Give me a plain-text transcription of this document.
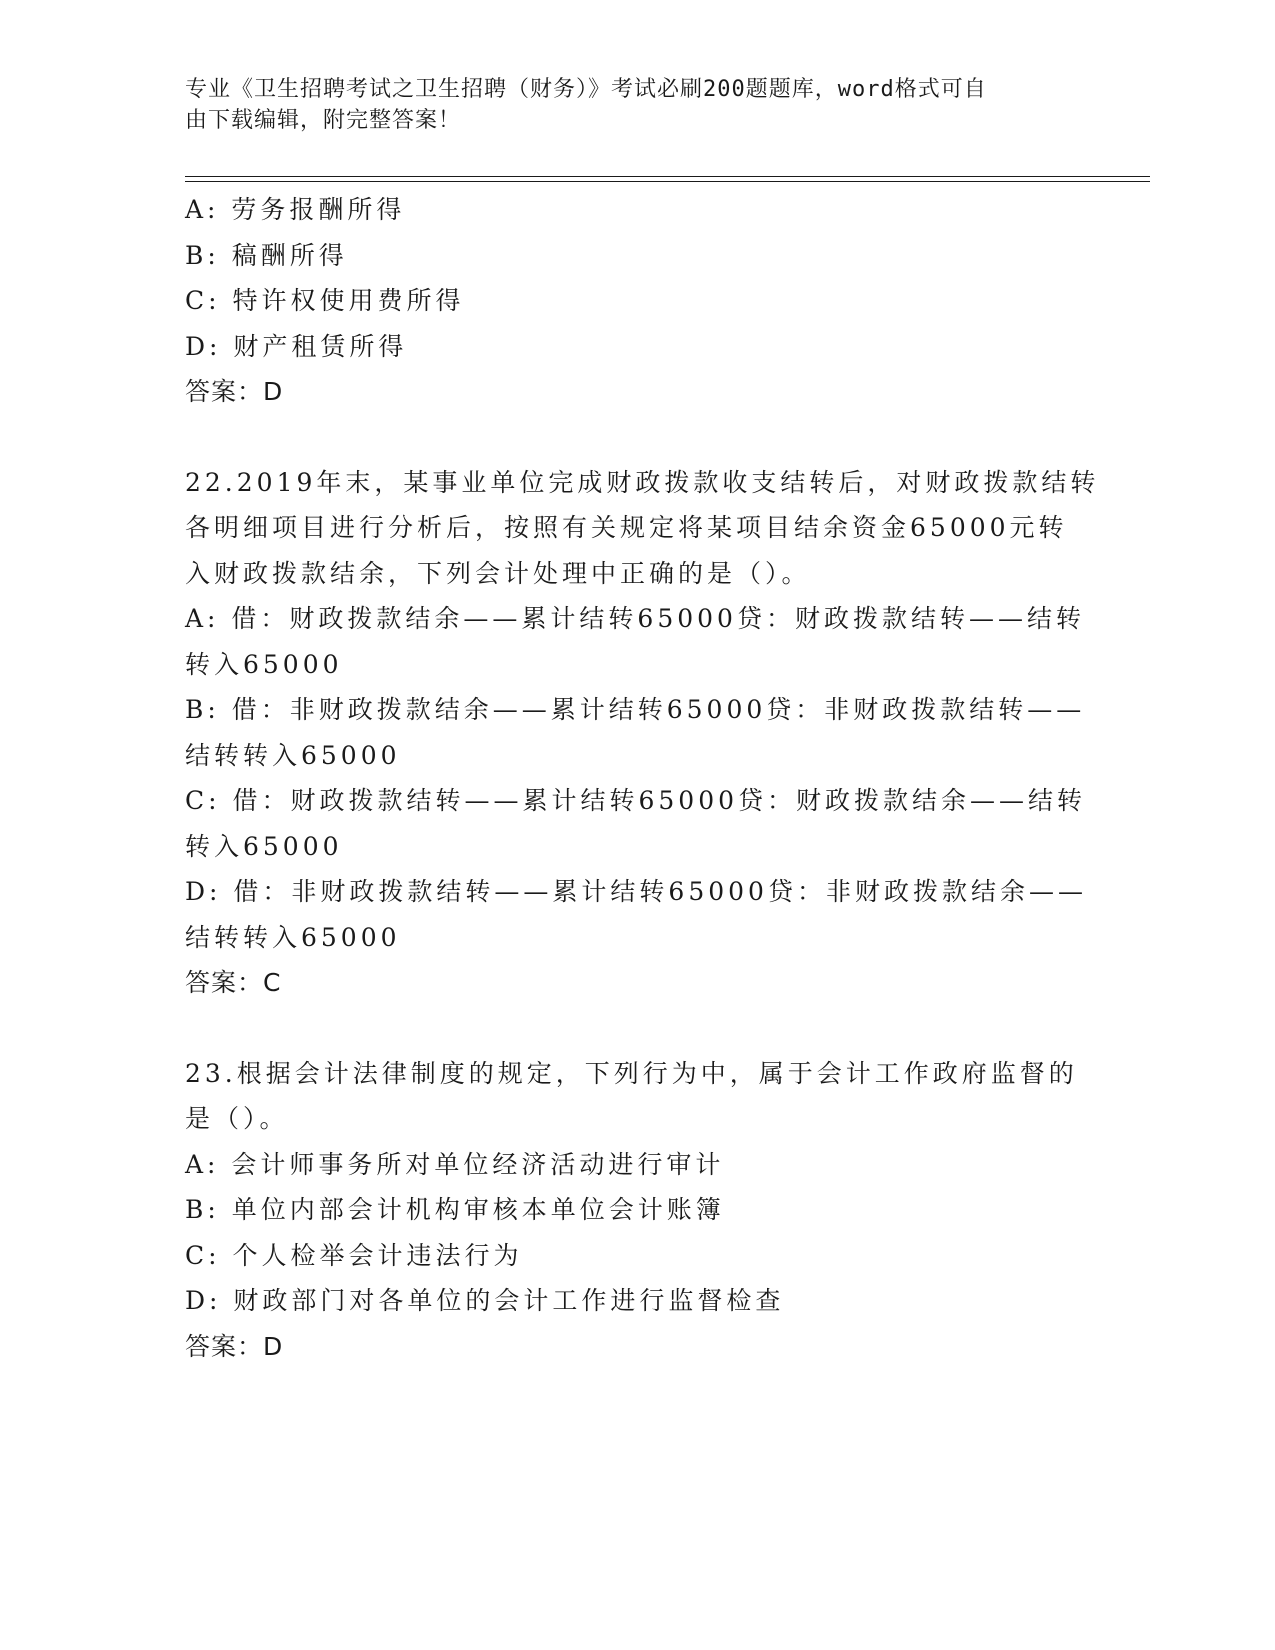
专业《卫生招聘考试之卫生招聘（财务）》考试必刷200题题库，word格式可自
由下载编辑，附完整答案！
A: 劳务报酬所得
B: 稿酬所得
C: 特许权使用费所得
D: 财产租赁所得
答案：D
22.2019年末，某事业单位完成财政拨款收支结转后，对财政拨款结转
各明细项目进行分析后，按照有关规定将某项目结余资金65000元转
入财政拨款结余，下列会计处理中正确的是（）。
A: 借：财政拨款结余——累计结转65000贷：财政拨款结转——结转
转入65000
B: 借：非财政拨款结余——累计结转65000贷：非财政拨款结转——
结转转入65000
C: 借：财政拨款结转——累计结转65000贷：财政拨款结余——结转
转入65000
D: 借：非财政拨款结转——累计结转65000贷：非财政拨款结余——
结转转入65000
答案：C
23.根据会计法律制度的规定，下列行为中，属于会计工作政府监督的
是（）。
A: 会计师事务所对单位经济活动进行审计
B: 单位内部会计机构审核本单位会计账簿
C: 个人检举会计违法行为
D: 财政部门对各单位的会计工作进行监督检查
答案：D
